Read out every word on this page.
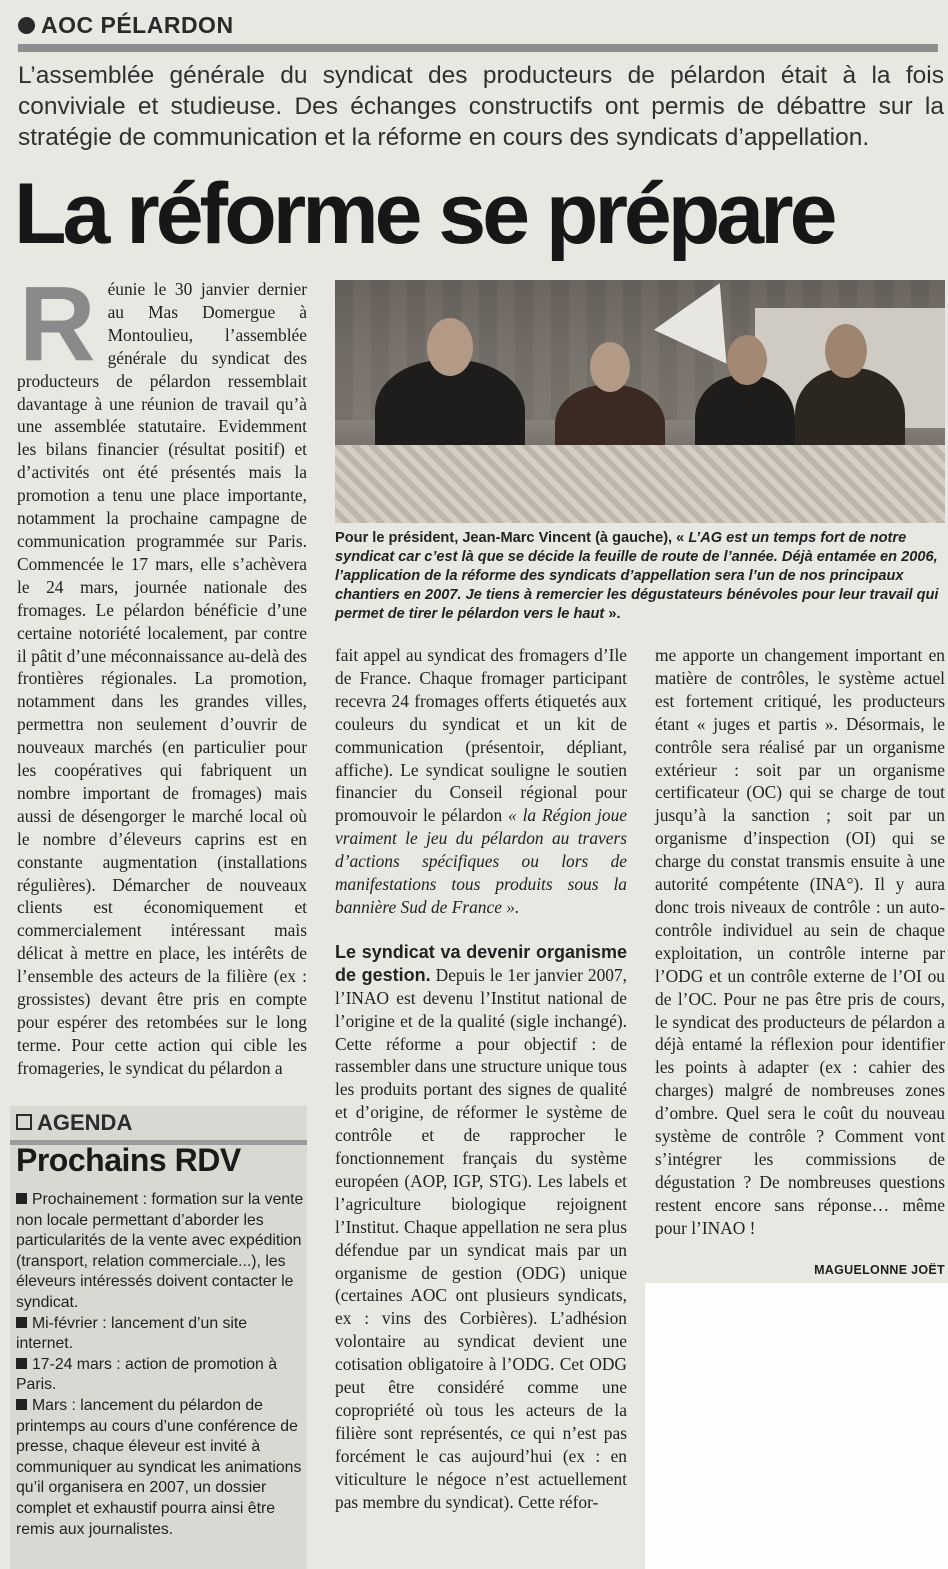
AOC PÉLARDON

L’assemblée générale du syndicat des producteurs de pélardon était à la fois conviviale et studieuse. Des échanges constructifs ont permis de débattre sur la stratégie de communication et la réforme en cours des syndicats d’appellation.

La réforme se prépare
Réunie le 30 janvier dernier au Mas Domergue à Montoulieu, l’assemblée générale du syndicat des producteurs de pélardon ressemblait davantage à une réunion de travail qu’à une assemblée statutaire. Evidemment les bilans financier (résultat positif) et d’activités ont été présentés mais la promotion a tenu une place importante, notamment la prochaine campagne de communication programmée sur Paris. Commencée le 17 mars, elle s’achèvera le 24 mars, journée nationale des fromages. Le pélardon bénéficie d’une certaine notoriété localement, par contre il pâtit d’une méconnaissance au-delà des frontières régionales. La promotion, notamment dans les grandes villes, permettra non seulement d’ouvrir de nouveaux marchés (en particulier pour les coopératives qui fabriquent un nombre important de fromages) mais aussi de désengorger le marché local où le nombre d’éleveurs caprins est en constante augmentation (installations régulières). Démarcher de nouveaux clients est économiquement et commercialement intéressant mais délicat à mettre en place, les intérêts de l’ensemble des acteurs de la filière (ex : grossistes) devant être pris en compte pour espérer des retombées sur le long terme. Pour cette action qui cible les fromageries, le syndicat du pélardon a

Pour le président, Jean-Marc Vincent (à gauche), « L’AG est un temps fort de notre syndicat car c’est là que se décide la feuille de route de l’année. Déjà entamée en 2006, l’application de la réforme des syndicats d’appellation sera l’un de nos principaux chantiers en 2007. Je tiens à remercier les dégustateurs bénévoles pour leur travail qui permet de tirer le pélardon vers le haut ».

fait appel au syndicat des fromagers d’Ile de France. Chaque fromager participant recevra 24 fromages offerts étiquetés aux couleurs du syndicat et un kit de communication (présentoir, dépliant, affiche). Le syndicat souligne le soutien financier du Conseil régional pour promouvoir le pélardon « la Région joue vraiment le jeu du pélardon au travers d’actions spécifiques ou lors de manifestations tous produits sous la bannière Sud de France ».
Le syndicat va devenir organisme de gestion. Depuis le 1er janvier 2007, l’INAO est devenu l’Institut national de l’origine et de la qualité (sigle inchangé). Cette réforme a pour objectif : de rassembler dans une structure unique tous les produits portant des signes de qualité et d’origine, de réformer le système de contrôle et de rapprocher le fonctionnement français du système européen (AOP, IGP, STG). Les labels et l’agriculture biologique rejoignent l’Institut. Chaque appellation ne sera plus défendue par un syndicat mais par un organisme de gestion (ODG) unique (certaines AOC ont plusieurs syndicats, ex : vins des Corbières). L’adhésion volontaire au syndicat devient une cotisation obligatoire à l’ODG. Cet ODG peut être considéré comme une copropriété où tous les acteurs de la filière sont représentés, ce qui n’est pas forcément le cas aujourd’hui (ex : en viticulture le négoce n’est actuellement pas membre du syndicat). Cette réfor-
me apporte un changement important en matière de contrôles, le système actuel est fortement critiqué, les producteurs étant « juges et partis ». Désormais, le contrôle sera réalisé par un organisme extérieur : soit par un organisme certificateur (OC) qui se charge de tout jusqu’à la sanction ; soit par un organisme d’inspection (OI) qui se charge du constat transmis ensuite à une autorité compétente (INA°). Il y aura donc trois niveaux de contrôle : un auto-contrôle individuel au sein de chaque exploitation, un contrôle interne par l’ODG et un contrôle externe de l’OI ou de l’OC. Pour ne pas être pris de cours, le syndicat des producteurs de pélardon a déjà entamé la réflexion pour identifier les points à adapter (ex : cahier des charges) malgré de nombreuses zones d’ombre. Quel sera le coût du nouveau système de contrôle ? Comment vont s’intégrer les commissions de dégustation ? De nombreuses questions restent encore sans réponse… même pour l’INAO !
MAGUELONNE JOËT
AGENDA
Prochains RDV
Prochainement : formation sur la vente non locale permettant d’aborder les particularités de la vente avec expédition (transport, relation commerciale...), les éleveurs intéressés doivent contacter le syndicat.
Mi-février : lancement d’un site internet.
17-24 mars : action de promotion à Paris.
Mars : lancement du pélardon de printemps au cours d’une conférence de presse, chaque éleveur est invité à communiquer au syndicat les animations qu’il organisera en 2007, un dossier complet et exhaustif pourra ainsi être remis aux journalistes.
